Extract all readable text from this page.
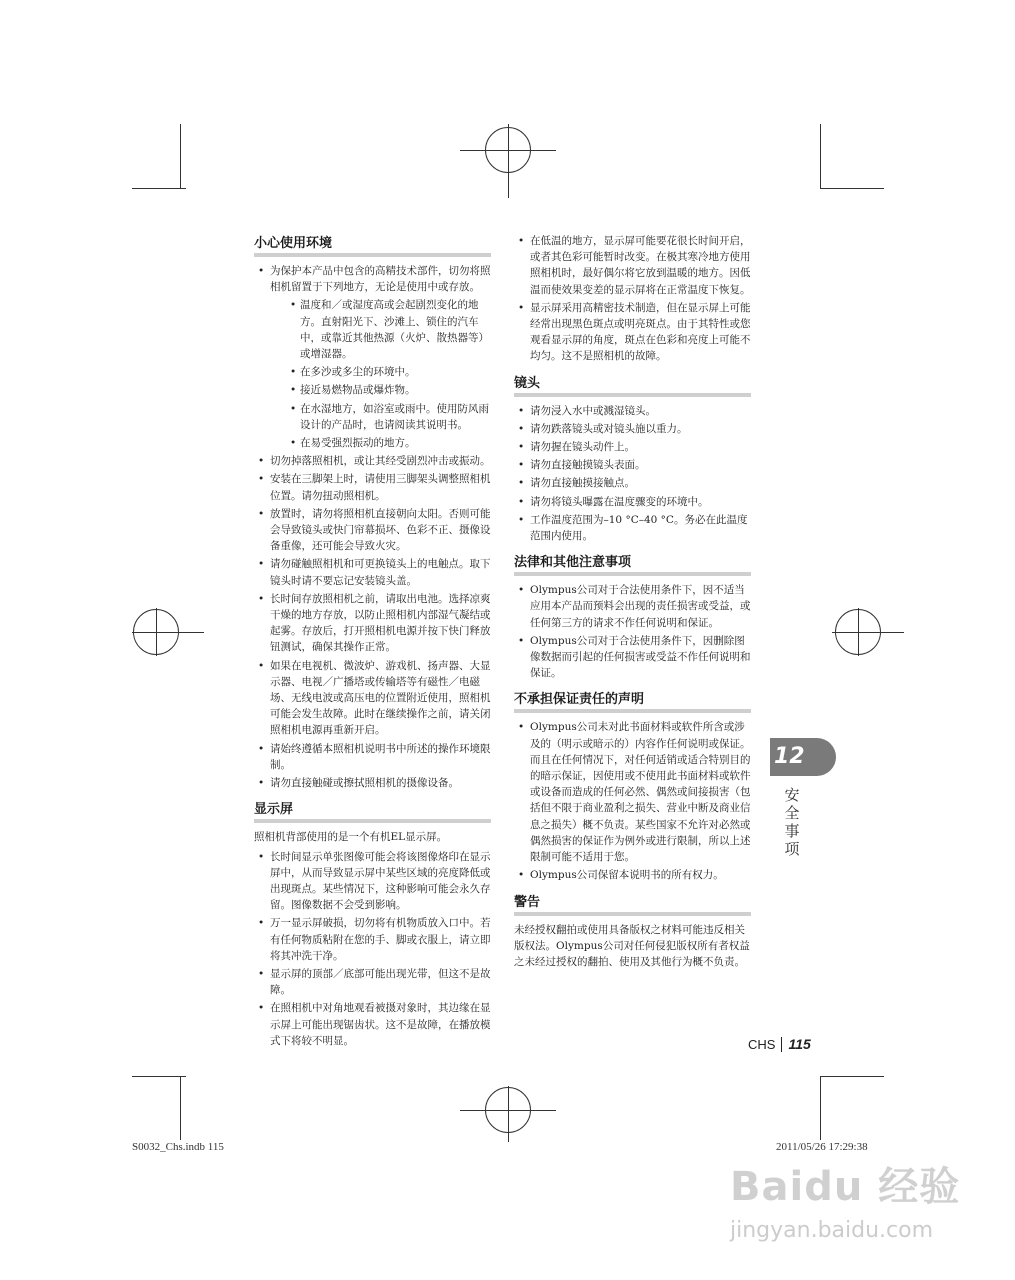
小心使用环境
• 为保护本产品中包含的高精技术部件，切勿将照相机留置于下列地方，无论是使用中或存放。
• 温度和／或湿度高或会起剧烈变化的地方。直射阳光下、沙滩上、锁住的汽车中，或靠近其他热源（火炉、散热器等）或增湿器。
• 在多沙或多尘的环境中。
• 接近易燃物品或爆炸物。
• 在水湿地方，如浴室或雨中。使用防风雨设计的产品时，也请阅读其说明书。
• 在易受强烈振动的地方。
• 切勿掉落照相机，或让其经受剧烈冲击或振动。
• 安装在三脚架上时，请使用三脚架头调整照相机位置。请勿扭动照相机。
• 放置时，请勿将照相机直接朝向太阳。否则可能会导致镜头或快门帘幕损坏、色彩不正、摄像设备重像，还可能会导致火灾。
• 请勿碰触照相机和可更换镜头上的电触点。取下镜头时请不要忘记安装镜头盖。
• 长时间存放照相机之前，请取出电池。选择凉爽干燥的地方存放，以防止照相机内部湿气凝结或起雾。存放后，打开照相机电源并按下快门释放钮测试，确保其操作正常。
• 如果在电视机、微波炉、游戏机、扬声器、大显示器、电视／广播塔或传输塔等有磁性／电磁场、无线电波或高压电的位置附近使用，照相机可能会发生故障。此时在继续操作之前，请关闭照相机电源再重新开启。
• 请始终遵循本照相机说明书中所述的操作环境限制。
• 请勿直接触碰或擦拭照相机的摄像设备。
显示屏

照相机背部使用的是一个有机EL显示屏。

• 长时间显示单张图像可能会将该图像烙印在显示屏中，从而导致显示屏中某些区域的亮度降低或出现斑点。某些情况下，这种影响可能会永久存留。图像数据不会受到影响。
• 万一显示屏破损，切勿将有机物质放入口中。若有任何物质粘附在您的手、脚或衣服上，请立即将其冲洗干净。
• 显示屏的顶部／底部可能出现光带，但这不是故障。
• 在照相机中对角地观看被摄对象时，其边缘在显示屏上可能出现锯齿状。这不是故障，在播放模式下将较不明显。
• 在低温的地方，显示屏可能要花很长时间开启，或者其色彩可能暂时改变。在极其寒冷地方使用照相机时，最好偶尔将它放到温暖的地方。因低温而使效果变差的显示屏将在正常温度下恢复。
• 显示屏采用高精密技术制造，但在显示屏上可能经常出现黑色斑点或明亮斑点。由于其特性或您观看显示屏的角度，斑点在色彩和亮度上可能不均匀。这不是照相机的故障。
镜头
• 请勿浸入水中或溅湿镜头。
• 请勿跌落镜头或对镜头施以重力。
• 请勿握在镜头动件上。
• 请勿直接触摸镜头表面。
• 请勿直接触摸接触点。
• 请勿将镜头曝露在温度骤变的环境中。
• 工作温度范围为–10 °C–40 °C。务必在此温度范围内使用。
法律和其他注意事项
• Olympus公司对于合法使用条件下，因不适当应用本产品而预料会出现的责任损害或受益，或任何第三方的请求不作任何说明和保证。
• Olympus公司对于合法使用条件下，因删除图像数据而引起的任何损害或受益不作任何说明和保证。
不承担保证责任的声明
• Olympus公司未对此书面材料或软件所含或涉及的（明示或暗示的）内容作任何说明或保证。而且在任何情况下，对任何适销或适合特别目的的暗示保证，因使用或不使用此书面材料或软件或设备而造成的任何必然、偶然或间接损害（包括但不限于商业盈利之损失、营业中断及商业信息之损失）概不负责。某些国家不允许对必然或偶然损害的保证作为例外或进行限制，所以上述限制可能不适用于您。
• Olympus公司保留本说明书的所有权力。
警告

未经授权翻拍或使用具备版权之材料可能违反相关版权法。Olympus公司对任何侵犯版权所有者权益之未经过授权的翻拍、使用及其他行为概不负责。

12
安全事项
CHS 115
S0032_Chs.indb 115	2011/05/26 17:29:38
Baidu 经验
jingyan.baidu.com
